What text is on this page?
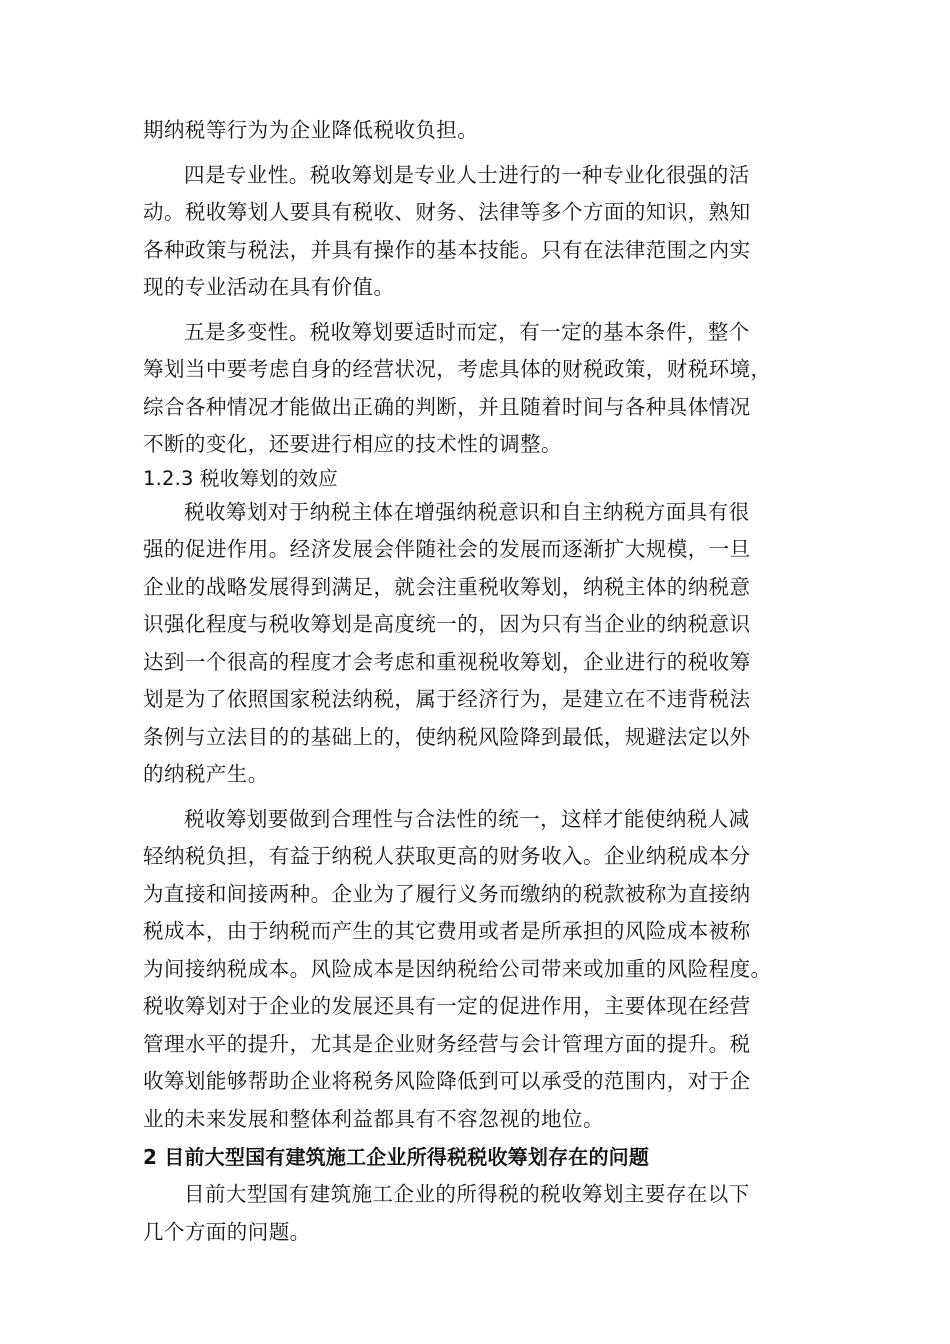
期纳税等行为为企业降低税收负担。
四是专业性。税收筹划是专业人士进行的一种专业化很强的活
动。税收筹划人要具有税收、财务、法律等多个方面的知识，熟知
各种政策与税法，并具有操作的基本技能。只有在法律范围之内实
现的专业活动在具有价值。
五是多变性。税收筹划要适时而定，有一定的基本条件，整个
筹划当中要考虑自身的经营状况，考虑具体的财税政策，财税环境，
综合各种情况才能做出正确的判断，并且随着时间与各种具体情况
不断的变化，还要进行相应的技术性的调整。
1.2.3 税收筹划的效应
税收筹划对于纳税主体在增强纳税意识和自主纳税方面具有很
强的促进作用。经济发展会伴随社会的发展而逐渐扩大规模，一旦
企业的战略发展得到满足，就会注重税收筹划，纳税主体的纳税意
识强化程度与税收筹划是高度统一的，因为只有当企业的纳税意识
达到一个很高的程度才会考虑和重视税收筹划，企业进行的税收筹
划是为了依照国家税法纳税，属于经济行为，是建立在不违背税法
条例与立法目的的基础上的，使纳税风险降到最低，规避法定以外
的纳税产生。
税收筹划要做到合理性与合法性的统一，这样才能使纳税人减
轻纳税负担，有益于纳税人获取更高的财务收入。企业纳税成本分
为直接和间接两种。企业为了履行义务而缴纳的税款被称为直接纳
税成本，由于纳税而产生的其它费用或者是所承担的风险成本被称
为间接纳税成本。风险成本是因纳税给公司带来或加重的风险程度。
税收筹划对于企业的发展还具有一定的促进作用，主要体现在经营
管理水平的提升，尤其是企业财务经营与会计管理方面的提升。税
收筹划能够帮助企业将税务风险降低到可以承受的范围内，对于企
业的未来发展和整体利益都具有不容忽视的地位。
2 目前大型国有建筑施工企业所得税税收筹划存在的问题
目前大型国有建筑施工企业的所得税的税收筹划主要存在以下
几个方面的问题。
